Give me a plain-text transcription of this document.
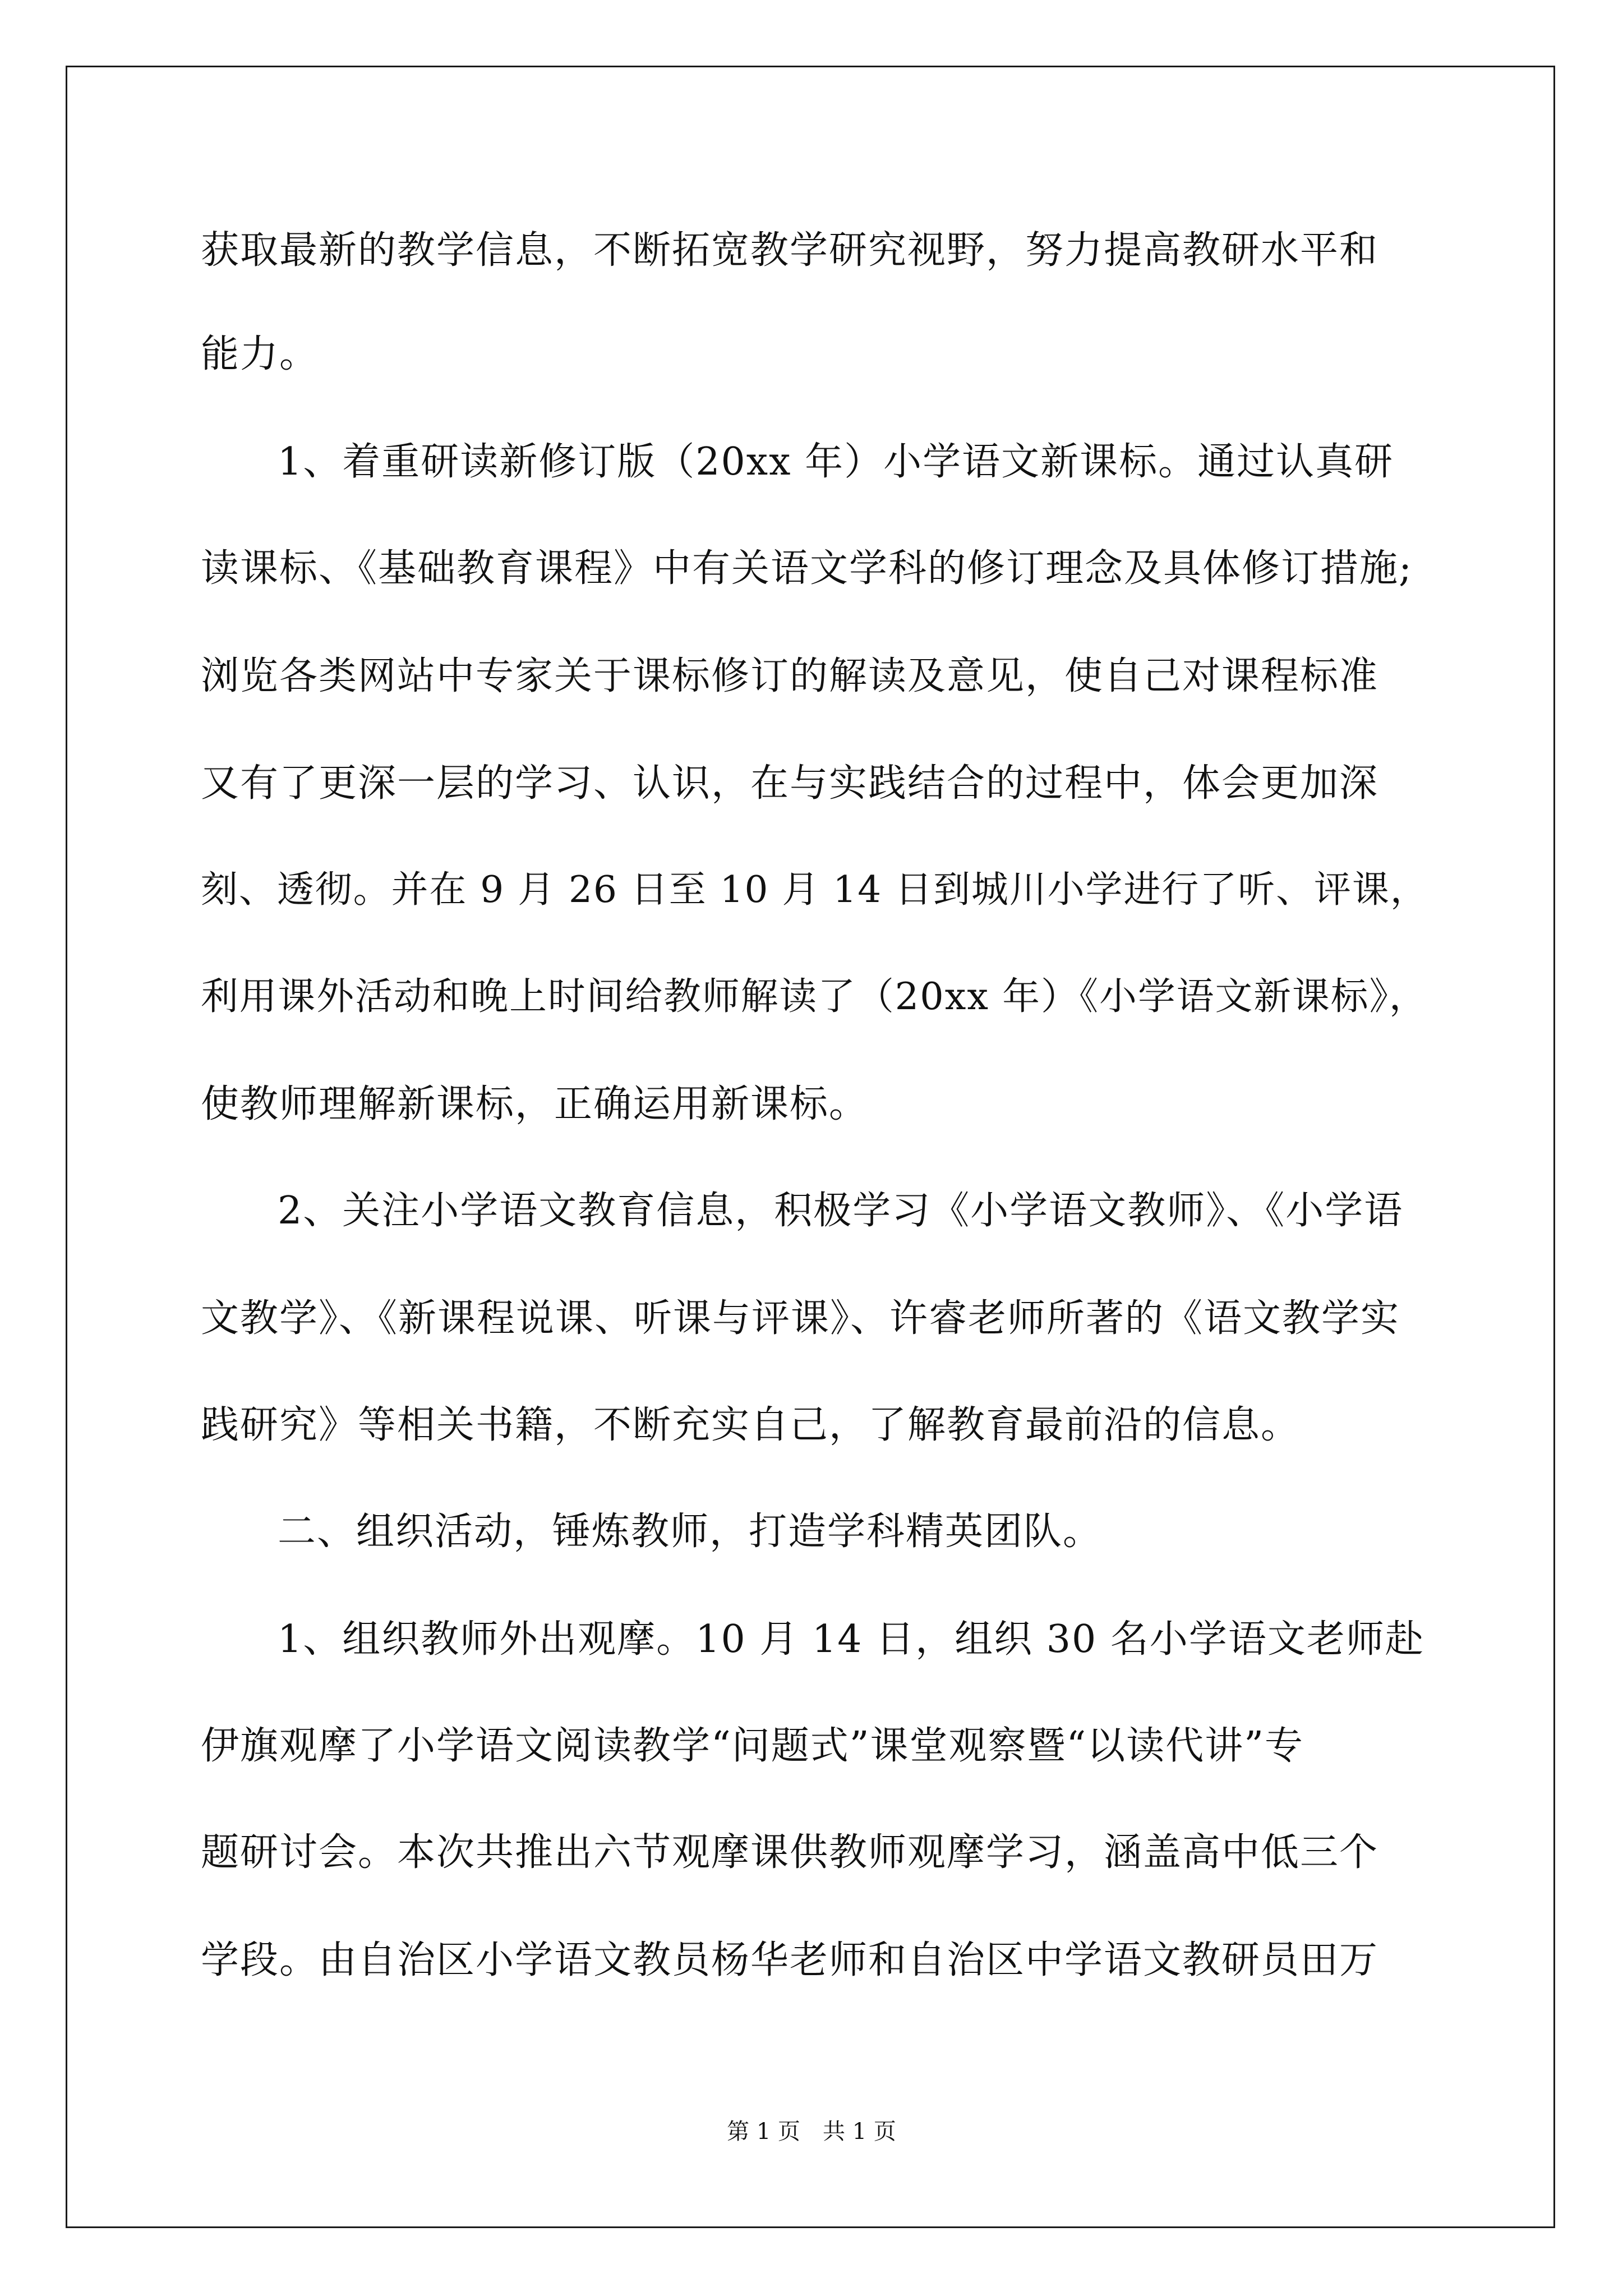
获取最新的教学信息，不断拓宽教学研究视野，努力提高教研水平和
能力。
1、着重研读新修订版（20xx 年）小学语文新课标。通过认真研
读课标、《基础教育课程》中有关语文学科的修订理念及具体修订措施;
浏览各类网站中专家关于课标修订的解读及意见，使自己对课程标准
又有了更深一层的学习、认识，在与实践结合的过程中，体会更加深
刻、透彻。并在 9 月 26 日至 10 月 14 日到城川小学进行了听、评课，
利用课外活动和晚上时间给教师解读了（20xx 年）《小学语文新课标》，
使教师理解新课标，正确运用新课标。
2、关注小学语文教育信息，积极学习《小学语文教师》、《小学语
文教学》、《新课程说课、听课与评课》、许睿老师所著的《语文教学实
践研究》等相关书籍，不断充实自己，了解教育最前沿的信息。
二、组织活动，锤炼教师，打造学科精英团队。
1、组织教师外出观摩。10 月 14 日，组织 30 名小学语文老师赴
伊旗观摩了小学语文阅读教学“问题式”课堂观察暨“以读代讲”专
题研讨会。本次共推出六节观摩课供教师观摩学习，涵盖高中低三个
学段。由自治区小学语文教员杨华老师和自治区中学语文教研员田万
第 1 页　共 1 页
